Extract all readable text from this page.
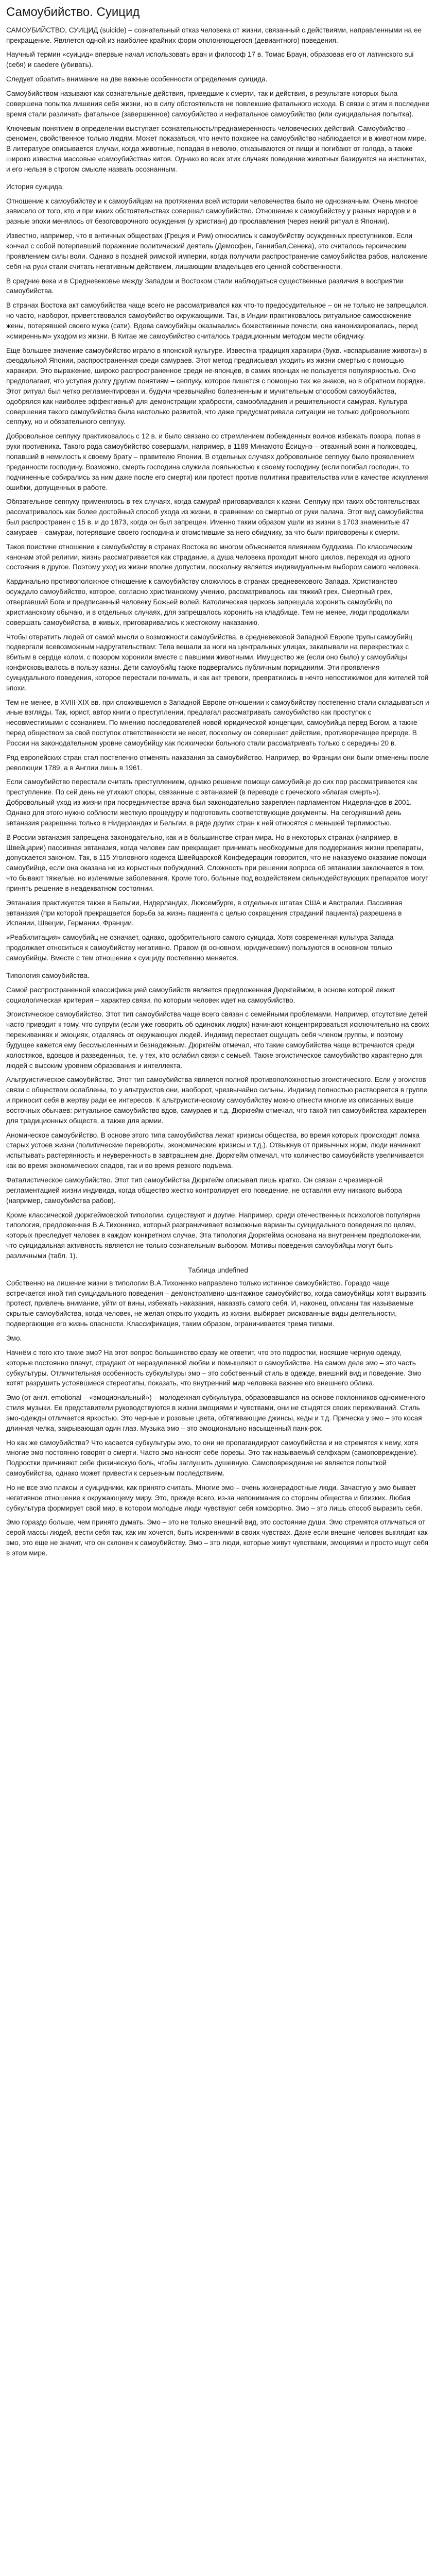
Самоубийство. Суицид

САМОУБИЙСТВО, СУИЦИД (suicide) – сознательный отказ человека от жизни, связанный с действиями, направленными на ее прекращение. Является одной из наиболее крайних форм отклоняющегося (девиантного) поведения.

Научный термин «суицид» впервые начал использовать врач и философ 17 в. Томас Браун, образовав его от латинского sui (себя) и caedere (убивать).

Следует обратить внимание на две важные особенности определения суицида.

Самоубийством называют как сознательные действия, приведшие к смерти, так и действия, в результате которых была совершена попытка лишения себя жизни, но в силу обстоятельств не повлекшие фатального исхода. В связи с этим в последнее время стали различать фатальное (завершенное) самоубийство и нефатальное самоубийство (или суицидальная попытка).

Ключевым понятием в определении выступает сознательность/преднамеренность человеческих действий. Самоубийство – феномен, свойственное только людям. Может показаться, что нечто похожее на самоубийство наблюдается и в животном мире. В литературе описывается случаи, когда животные, попадая в неволю, отказываются от пищи и погибают от голода, а также широко известна массовые «самоубийства» китов. Однако во всех этих случаях поведение животных базируется на инстинктах, и его нельзя в строгом смысле назвать осознанным.

История суицида.

Отношение к самоубийству и к самоубийцам на протяжении всей истории человечества было не однозначным. Очень многое зависело от того, кто и при каких обстоятельствах совершал самоубийство. Отношение к самоубийству у разных народов и в разные эпохи менялось от безоговорочного осуждения (у христиан) до прославления (через некий ритуал в Японии).

Известно, например, что в античных обществах (Греция и Рим) относились к самоубийству осужденных преступников. Если кончал с собой потерпевший поражение политический деятель (Демосфен, Ганнибал,Сенека), это считалось героическим проявлением силы воли. Однако в поздней римской империи, когда получили распространение самоубийства рабов, наложение себя на руки стали считать негативным действием, лишающим владельцев его ценной собственности.

В средние века и в Средневековье между Западом и Востоком стали наблюдаться существенные различия в восприятии самоубийства.

В странах Востока акт самоубийства чаще всего не рассматривался как что-то предосудительное – он не только не запрещался, но часто, наоборот, приветствовался самоубийство окружающими. Так, в Индии практиковалось ритуальное самосожжение жены, потерявшей своего мужа (сати). Вдова самоубийцы оказывались божественные почести, она канонизировалась, перед «смиренным» уходом из жизни. В Китае же самоубийство считалось традиционным методом мести обидчику.

Еще большее значение самоубийство играло в японской культуре. Известна традиция харакири (букв. «вспарывание живота») в феодальной Японии, распространенная среди самураев. Этот метод предписывал уходить из жизни смертью с помощью харакири. Это выражение, широко распространенное среди не-японцев, в самих японцах не пользуется популярностью. Оно предполагает, что уступая долгу другим понятиям – сеппуку, которое пишется с помощью тех же знаков, но в обратном порядке. Этот ритуал был четко регламентирован и, будучи чрезвычайно болезненным и мучительным способом самоубийства, одобрялся как наиболее эффективный для демонстрации храбрости, самообладания и решительности самурая. Культура совершения такого самоубийства была настолько развитой, что даже предусматривала ситуации не только добровольного сеппуку, но и обязательного сеппуку.

Добровольное сеппуку практиковалось с 12 в. и было связано со стремлением побежденных воинов избежать позора, попав в руки противника. Такого рода самоубийство совершали, например, в 1189 Минамото Ёсицунэ – отважный воин и полководец, попавший в немилость к своему брату – правителю Японии. В отдельных случаях добровольное сеппуку было проявлением преданности господину. Возможно, смерть господина служила лояльностью к своему господину (если погибал господин, то подчиненные собирались за ним даже после его смерти) или протест против политики правительства или в качестве искупления ошибки, допущенных в работе.

Обязательное сеппуку применялось в тех случаях, когда самурай приговаривался к казни. Сеппуку при таких обстоятельствах рассматривалось как более достойный способ ухода из жизни, в сравнении со смертью от руки палача. Этот вид самоубийства был распространен с 15 в. и до 1873, когда он был запрещен. Именно таким образом ушли из жизни в 1703 знаменитые 47 самураев – самураи, потерявшие своего господина и отомстившие за него обидчику, за что были приговорены к смерти.

Таков поистине отношение к самоубийству в странах Востока во многом объясняется влиянием буддизма. По классическим канонам этой религии, жизнь рассматривается как страдание, а душа человека проходит много циклов, переходя из одного состояния в другое. Поэтому уход из жизни вполне допустим, поскольку является индивидуальным выбором самого человека.

Кардинально противоположное отношение к самоубийству сложилось в странах средневекового Запада. Христианство осуждало самоубийство, которое, согласно христианскому учению, рассматривалось как тяжкий грех. Смертный грех, отвергавший Бога и предписанный человеку Божьей волей. Католическая церковь запрещала хоронить самоубийц по христианскому обычаю, и в отдельных случаях, для запрещалось хоронить на кладбище. Тем не менее, люди продолжали совершать самоубийства, в живых, приговаривались к жестокому наказанию.

Чтобы отвратить людей от самой мысли о возможности самоубийства, в средневековой Западной Европе трупы самоубийц подвергали всевозможным надругательствам: Тела вешали за ноги на центральных улицах, закапывали на перекрестках с вбитым в сердце колом, с позором хоронили вместе с павшими животными. Имущество же (если оно было) у самоубийцы конфисковывалось в пользу казны. Дети самоубийц также подвергались публичным порицаниям. Эти проявления суицидального поведения, которое перестали понимать, и как акт тревоги, превратились в нечто непостижимое для жителей той эпохи.

Тем не менее, в XVIII-XIX вв. при сложившемся в Западной Европе отношении к самоубийству постепенно стали складываться и иные взгляды. Так, юрист, автор книги о преступлении, предлагал рассматривать самоубийство как проступок с несовместимыми с сознанием. По мнению последователей новой юридической концепции, самоубийца перед Богом, а также перед обществом за свой поступок ответственности не несет, поскольку он совершает действие, противоречащее природе. В России на законодательном уровне самоубийцу как психически больного стали рассматривать только с середины 20 в.

Ряд европейских стран стал постепенно отменять наказания за самоубийство. Например, во Франции они были отменены после революции 1789, а в Англии лишь в 1961.

Если самоубийство перестали считать преступлением, однако решение помощи самоубийце до сих пор рассматривается как преступление. По сей день не утихают споры, связанные с эвтаназией (в переводе с греческого «благая смерть»). Добровольный уход из жизни при посредничестве врача был законодательно закреплен парламентом Нидерландов в 2001. Однако для этого нужно соблюсти жесткую процедуру и подготовить соответствующие документы. На сегодняшний день эвтаназия разрешена только в Нидерландах и Бельгии, в ряде других стран к ней относятся с меньшей терпимостью.

В России эвтаназия запрещена законодательно, как и в большинстве стран мира. Но в некоторых странах (например, в Швейцарии) пассивная эвтаназия, когда человек сам прекращает принимать необходимые для поддержания жизни препараты, допускается законом. Так, в 115 Уголовного кодекса Швейцарской Конфедерации говорится, что не наказуемо оказание помощи самоубийце, если она оказана не из корыстных побуждений. Сложность при решении вопроса об эвтаназии заключается в том, что бывают тяжелые, но излечимые заболевания. Кроме того, больные под воздействием сильнодействующих препаратов могут принять решение в неадекватном состоянии.

Эвтаназия практикуется также в Бельгии, Нидерландах, Люксембурге, в отдельных штатах США и Австралии. Пассивная эвтаназия (при которой прекращается борьба за жизнь пациента с целью сокращения страданий пациента) разрешена в Испании, Швеции, Германии, Франции.

«Реабилитация» самоубийц не означает, однако, одобрительного самого суицида. Хотя современная культура Запада продолжает относиться к самоубийству негативно. Правом (в основном, юридическим) пользуются в основном только самоубийцы. Вместе с тем отношение к суициду постепенно меняется.

Типология самоубийства.

Самой распространенной классификацией самоубийств является предложенная Дюркгеймом, в основе которой лежит социологическая критерия – характер связи, по которым человек идет на самоубийство.

Эгоистическое самоубийство. Этот тип самоубийства чаще всего связан с семейными проблемами. Например, отсутствие детей часто приводит к тому, что супруги (если уже говорить об одиноких людях) начинают концентрироваться исключительно на своих переживаниях и эмоциях, отдаляясь от окружающих людей. Индивид перестает ощущать себя членом группы, и поэтому будущее кажется ему бессмысленным и безнадежным. Дюркгейм отмечал, что такие самоубийства чаще встречаются среди холостяков, вдовцов и разведенных, т.е. у тех, кто ослабил связи с семьей. Также эгоистическое самоубийство характерно для людей с высоким уровнем образования и интеллекта.

Альтруистическое самоубийство. Этот тип самоубийства является полной противоположностью эгоистического. Если у эгоистов связи с обществом ослаблены, то у альтруистов они, наоборот, чрезвычайно сильны. Индивид полностью растворяется в группе и приносит себя в жертву ради ее интересов. К альтруистическому самоубийству можно отнести многие из описанных выше восточных обычаев: ритуальное самоубийство вдов, самураев и т.д. Дюркгейм отмечал, что такой тип самоубийства характерен для традиционных обществ, а также для армии.

Аномическое самоубийство. В основе этого типа самоубийства лежат кризисы общества, во время которых происходит ломка старых устоев жизни (политические перевороты, экономические кризисы и т.д.). Отвыкнув от привычных норм, люди начинают испытывать растерянность и неуверенность в завтрашнем дне. Дюркгейм отмечал, что количество самоубийств увеличивается как во время экономических спадов, так и во время резкого подъема.

Фаталистическое самоубийство. Этот тип самоубийства Дюркгейм описывал лишь кратко. Он связан с чрезмерной регламентацией жизни индивида, когда общество жестко контролирует его поведение, не оставляя ему никакого выбора (например, самоубийства рабов).

Кроме классической дюркгеймовской типологии, существуют и другие. Например, среди отечественных психологов популярна типология, предложенная В.А.Тихоненко, который разграничивает возможные варианты суицидального поведения по целям, которых преследует человек в каждом конкретном случае. Эта типология Дюркгейма основана на внутреннем предположении, что суицидальная активность является не только сознательным выбором. Мотивы поведения самоубийцы могут быть различными (табл. 1).

Таблица undefined

Собственно на лишение жизни в типологии В.А.Тихоненко направлено только истинное самоубийство. Гораздо чаще встречается иной тип суицидального поведения – демонстративно-шантажное самоубийство, когда самоубийцы хотят выразить протест, привлечь внимание, уйти от вины, избежать наказания, наказать самого себя. И, наконец, описаны так называемые скрытые самоубийства, когда человек, не желая открыто уходить из жизни, выбирает рискованные виды деятельности, подвергающие его жизнь опасности. Классификация, таким образом, ограничивается тремя типами.

Эмо.

Начнём с того кто такие эмо? На этот вопрос большинство сразу же ответит, что это подростки, носящие черную одежду, которые постоянно плачут, страдают от неразделенной любви и помышляют о самоубийстве. На самом деле эмо – это часть субкультуры. Отличительная особенность субкультуры эмо – это собственный стиль в одежде, внешний вид и поведение. Эмо хотят разрушить устоявшиеся стереотипы, показать, что внутренний мир человека важнее его внешнего облика.

Эмо (от англ. emotional – «эмоциональный») – молодежная субкультура, образовавшаяся на основе поклонников одноименного стиля музыки. Ее представители руководствуются в жизни эмоциями и чувствами, они не стыдятся своих переживаний. Стиль эмо-одежды отличается яркостью. Это черные и розовые цвета, обтягивающие джинсы, кеды и т.д. Прическа у эмо – это косая длинная челка, закрывающая один глаз. Музыка эмо – это эмоционально насыщенный панк-рок.

Но как же самоубийства? Что касается субкультуры эмо, то они не пропагандируют самоубийства и не стремятся к нему, хотя многие эмо постоянно говорят о смерти. Часто эмо наносят себе порезы. Это так называемый селфхарм (самоповреждение). Подростки причиняют себе физическую боль, чтобы заглушить душевную. Самоповреждение не является попыткой самоубийства, однако может привести к серьезным последствиям.

Но не все эмо плаксы и суицидники, как принято считать. Многие эмо – очень жизнерадостные люди. Зачастую у эмо бывает негативное отношение к окружающему миру. Это, прежде всего, из-за непонимания со стороны общества и близких. Любая субкультура формирует свой мир, в котором молодые люди чувствуют себя комфортно. Эмо – это лишь способ выразить себя.

Эмо гораздо больше, чем принято думать. Эмо – это не только внешний вид, это состояние души. Эмо стремятся отличаться от серой массы людей, вести себя так, как им хочется, быть искренними в своих чувствах. Даже если внешне человек выглядит как эмо, это еще не значит, что он склонен к самоубийству. Эмо – это люди, которые живут чувствами, эмоциями и просто ищут себя в этом мире.
